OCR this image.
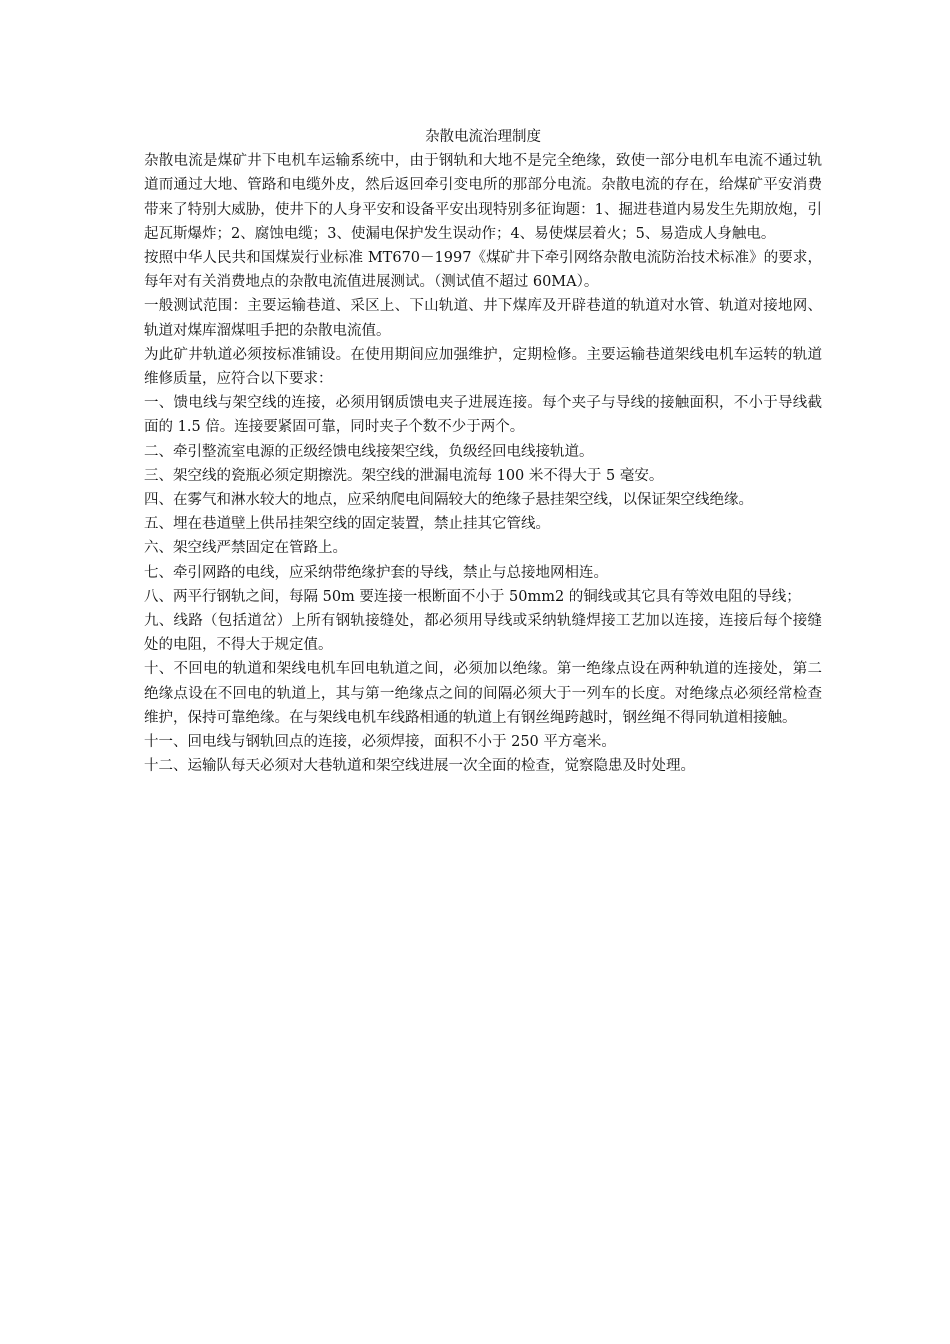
杂散电流治理制度

杂散电流是煤矿井下电机车运输系统中，由于钢轨和大地不是完全绝缘，致使一部分电机车电流不通过轨道而通过大地、管路和电缆外皮，然后返回牵引变电所的那部分电流。杂散电流的存在，给煤矿平安消费带来了特别大威胁，使井下的人身平安和设备平安出现特别多征询题：1、掘进巷道内易发生先期放炮，引起瓦斯爆炸；2、腐蚀电缆；3、使漏电保护发生误动作；4、易使煤层着火；5、易造成人身触电。

按照中华人民共和国煤炭行业标准 MT670－1997《煤矿井下牵引网络杂散电流防治技术标准》的要求，每年对有关消费地点的杂散电流值进展测试。（测试值不超过 60MA）。

一般测试范围：主要运输巷道、采区上、下山轨道、井下煤库及开辟巷道的轨道对水管、轨道对接地网、轨道对煤库溜煤咀手把的杂散电流值。

为此矿井轨道必须按标准铺设。在使用期间应加强维护，定期检修。主要运输巷道架线电机车运转的轨道维修质量，应符合以下要求：

一、馈电线与架空线的连接，必须用钢质馈电夹子进展连接。每个夹子与导线的接触面积，不小于导线截面的 1.5 倍。连接要紧固可靠，同时夹子个数不少于两个。

二、牵引整流室电源的正级经馈电线接架空线，负级经回电线接轨道。

三、架空线的瓷瓶必须定期擦洗。架空线的泄漏电流每 100 米不得大于 5 毫安。

四、在雾气和淋水较大的地点，应采纳爬电间隔较大的绝缘子悬挂架空线，以保证架空线绝缘。

五、埋在巷道壁上供吊挂架空线的固定装置，禁止挂其它管线。

六、架空线严禁固定在管路上。

七、牵引网路的电线，应采纳带绝缘护套的导线，禁止与总接地网相连。

八、两平行钢轨之间，每隔 50m 要连接一根断面不小于 50mm2 的铜线或其它具有等效电阻的导线；

九、线路（包括道岔）上所有钢轨接缝处，都必须用导线或采纳轨缝焊接工艺加以连接，连接后每个接缝处的电阻，不得大于规定值。

十、不回电的轨道和架线电机车回电轨道之间，必须加以绝缘。第一绝缘点设在两种轨道的连接处，第二绝缘点设在不回电的轨道上，其与第一绝缘点之间的间隔必须大于一列车的长度。对绝缘点必须经常检查维护，保持可靠绝缘。在与架线电机车线路相通的轨道上有钢丝绳跨越时，钢丝绳不得同轨道相接触。

十一、回电线与钢轨回点的连接，必须焊接，面积不小于 250 平方毫米。

十二、运输队每天必须对大巷轨道和架空线进展一次全面的检查，觉察隐患及时处理。
